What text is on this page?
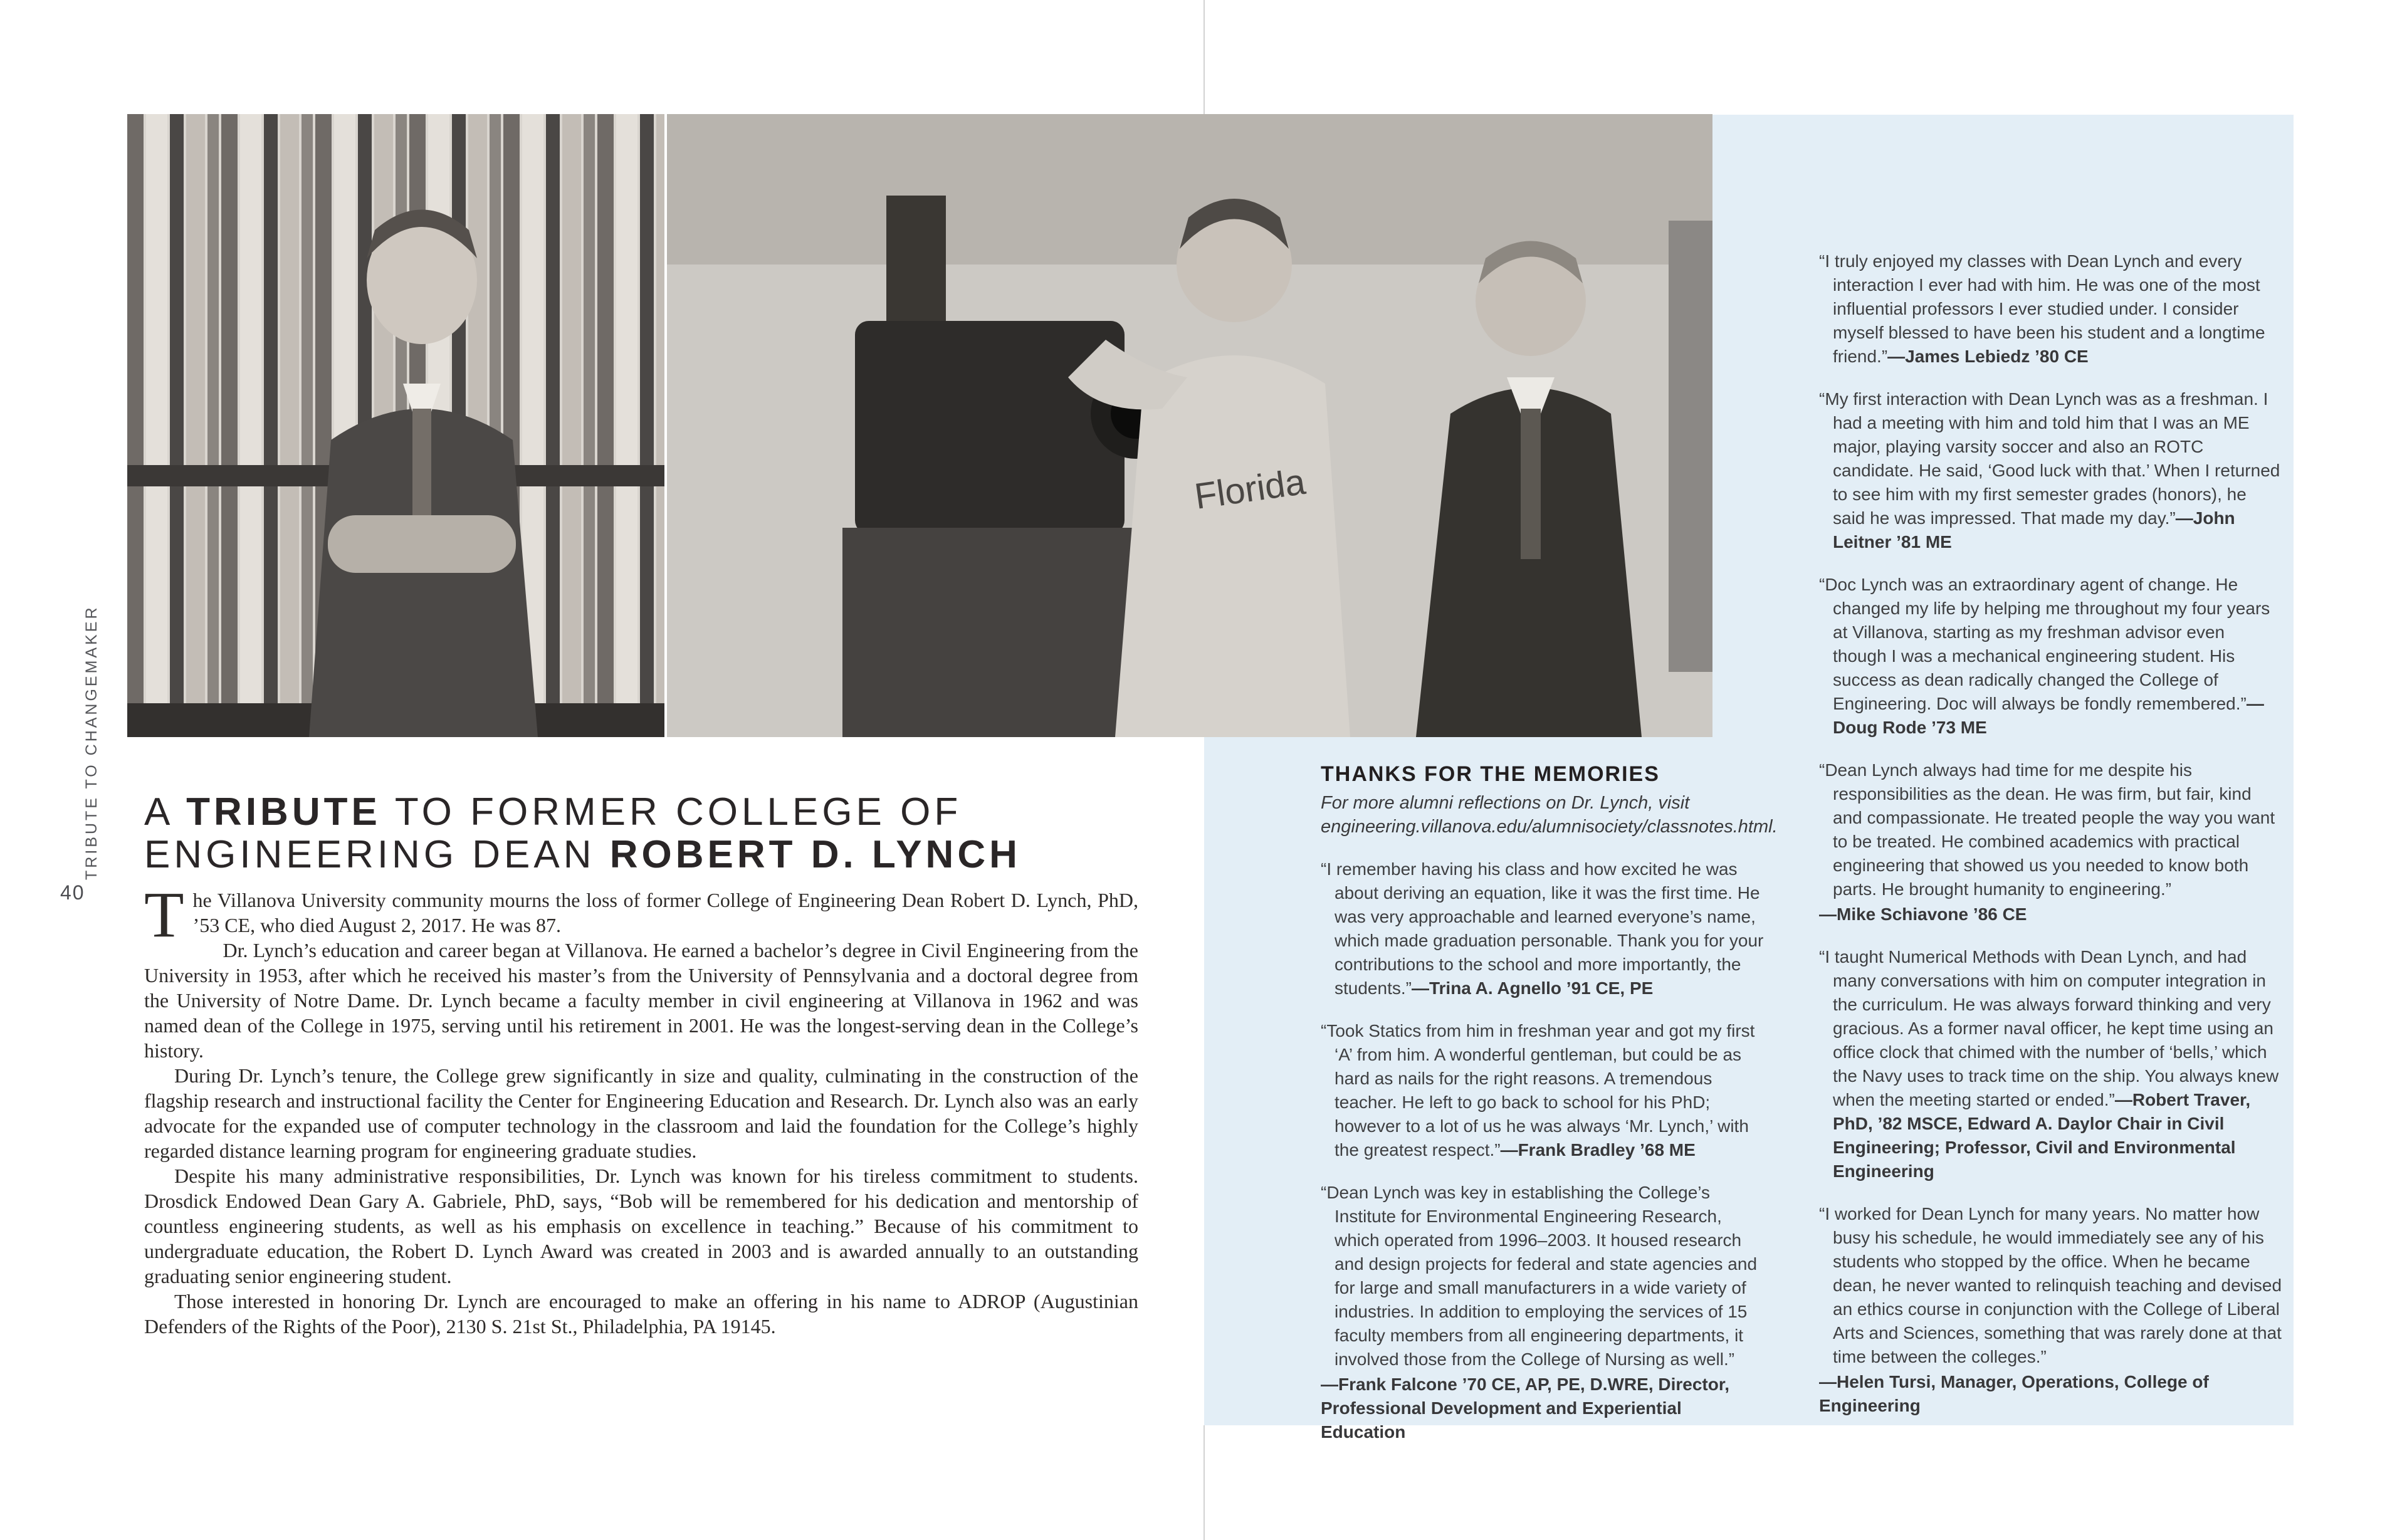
Florida
TRIBUTE TO CHANGEMAKER
40
A TRIBUTE TO FORMER COLLEGE OF
ENGINEERING DEAN ROBERT D. LYNCH

The Villanova University community mourns the loss of former College of Engineering Dean Robert D. Lynch, PhD, ’53 CE, who died August 2, 2017. He was 87.

Dr. Lynch’s education and career began at Villanova. He earned a bachelor’s degree in Civil Engineering from the University in 1953, after which he received his master’s from the University of Pennsylvania and a doctoral degree from the University of Notre Dame. Dr. Lynch became a faculty member in civil engineering at Villanova in 1962 and was named dean of the College in 1975, serving until his retirement in 2001. He was the longest-serving dean in the College’s history.

During Dr. Lynch’s tenure, the College grew significantly in size and quality, culminating in the construction of the flagship research and instructional facility the Center for Engineering Education and Research. Dr. Lynch also was an early advocate for the expanded use of computer technology in the classroom and laid the foundation for the College’s highly regarded distance learning program for engineering graduate studies.

Despite his many administrative responsibilities, Dr. Lynch was known for his tireless commitment to students. Drosdick Endowed Dean Gary A. Gabriele, PhD, says, “Bob will be remembered for his dedication and mentorship of countless engineering students, as well as his emphasis on excellence in teaching.” Because of his commitment to undergraduate education, the Robert D. Lynch Award was created in 2003 and is awarded annually to an outstanding graduating senior engineering student.

Those interested in honoring Dr. Lynch are encouraged to make an offering in his name to ADROP (Augustinian Defenders of the Rights of the Poor), 2130 S. 21st St., Philadelphia, PA 19145.

THANKS FOR THE MEMORIES

For more alumni reflections on Dr. Lynch, visit engineering.villanova.edu/alumnisociety/classnotes.html.

“I remember having his class and how excited he was about deriving an equation, like it was the first time. He was very approachable and learned everyone’s name, which made graduation personable. Thank you for your contributions to the school and more importantly, the students.”—Trina A. Agnello ’91 CE, PE

“Took Statics from him in freshman year and got my first ‘A’ from him. A wonderful gentleman, but could be as hard as nails for the right reasons. A tremendous teacher. He left to go back to school for his PhD; however to a lot of us he was always ‘Mr. Lynch,’ with the greatest respect.”—Frank Bradley ’68 ME

“Dean Lynch was key in establishing the College’s Institute for Environmental Engineering Research, which operated from 1996–2003. It housed research and design projects for federal and state agencies and for large and small manufacturers in a wide variety of industries. In addition to employing the services of 15 faculty members from all engineering departments, it involved those from the College of Nursing as well.”
—Frank Falcone ’70 CE, AP, PE, D.WRE, Director, Professional Development and Experiential Education

“I truly enjoyed my classes with Dean Lynch and every interaction I ever had with him. He was one of the most influential professors I ever studied under. I consider myself blessed to have been his student and a longtime friend.”—James Lebiedz ’80 CE

“My first interaction with Dean Lynch was as a freshman. I had a meeting with him and told him that I was an ME major, playing varsity soccer and also an ROTC candidate. He said, ‘Good luck with that.’ When I returned to see him with my first semester grades (honors), he said he was impressed. That made my day.”—John Leitner ’81 ME

“Doc Lynch was an extraordinary agent of change. He changed my life by helping me throughout my four years at Villanova, starting as my freshman advisor even though I was a mechanical engineering student. His success as dean radically changed the College of Engineering. Doc will always be fondly remembered.”—Doug Rode ’73 ME

“Dean Lynch always had time for me despite his responsibilities as the dean. He was firm, but fair, kind and compassionate. He treated people the way you want to be treated. He combined academics with practical engineering that showed us you needed to know both parts. He brought humanity to engineering.”
—Mike Schiavone ’86 CE

“I taught Numerical Methods with Dean Lynch, and had many conversations with him on computer integration in the curriculum. He was always forward thinking and very gracious. As a former naval officer, he kept time using an office clock that chimed with the number of ‘bells,’ which the Navy uses to track time on the ship. You always knew when the meeting started or ended.”—Robert Traver, PhD, ’82 MSCE, Edward A. Daylor Chair in Civil Engineering; Professor, Civil and Environmental Engineering

“I worked for Dean Lynch for many years. No matter how busy his schedule, he would immediately see any of his students who stopped by the office. When he became dean, he never wanted to relinquish teaching and devised an ethics course in conjunction with the College of Liberal Arts and Sciences, something that was rarely done at that time between the colleges.”
—Helen Tursi, Manager, Operations, College of Engineering
